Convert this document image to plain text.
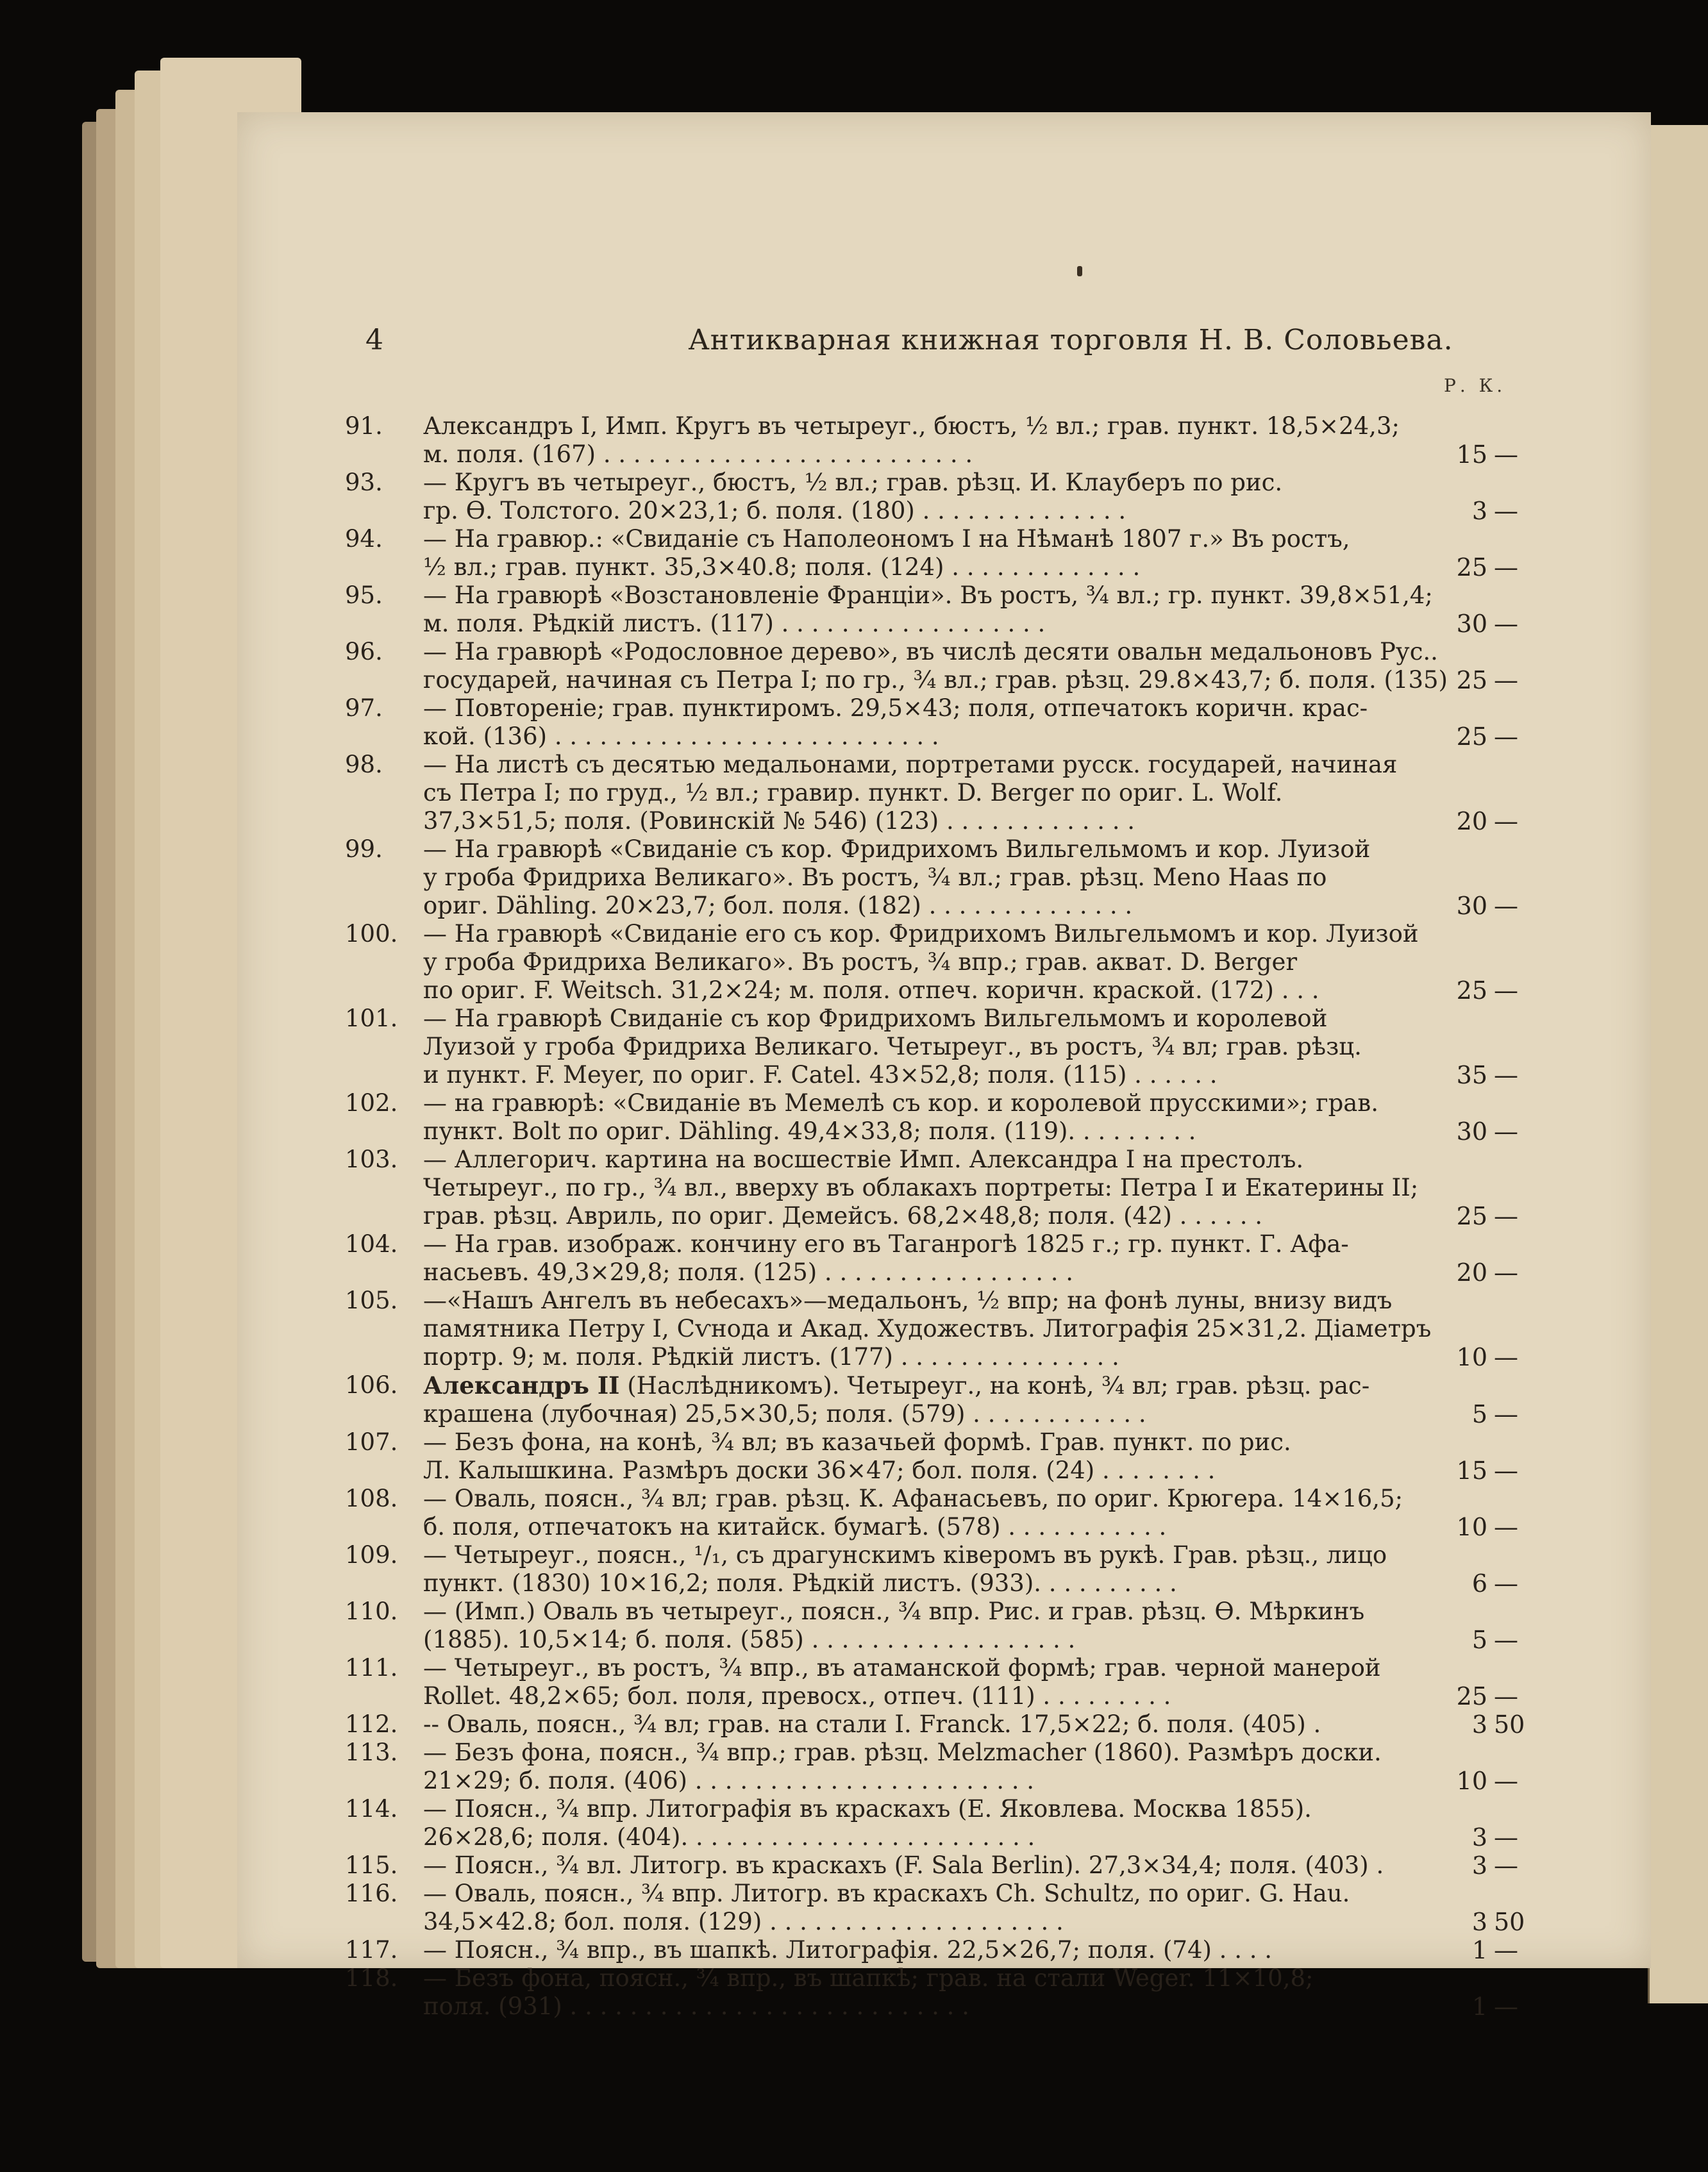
4	Антикварная книжная торговля Н. В. Соловьева.
Р. К.
91.	Александръ I, Имп. Кругъ въ четыреуг., бюстъ, ½ вл.; грав. пункт. 18,5×24,3;
м. поля. (167) . . . . . . . . . . . . . . . . . . . . . . . . .	15 —
93.	— Кругъ въ четыреуг., бюстъ, ½ вл.; грав. рѣзц. И. Клауберъ по рис.
гр. Ѳ. Толстого. 20×23,1; б. поля. (180) . . . . . . . . . . . . . .	3 —
94.	— На гравюр.: «Свиданіе съ Наполеономъ I на Нѣманѣ 1807 г.» Въ ростъ,
½ вл.; грав. пункт. 35,3×40.8; поля. (124) . . . . . . . . . . . . .	25 —
95.	— На гравюрѣ «Возстановленіе Франціи». Въ ростъ, ¾ вл.; гр. пункт. 39,8×51,4;
м. поля. Рѣдкій листъ. (117) . . . . . . . . . . . . . . . . . .	30 —
96.	— На гравюрѣ «Родословное дерево», въ числѣ десяти овальн медальоновъ Рус..
государей, начиная съ Петра I; по гр., ¾ вл.; грав. рѣзц. 29.8×43,7; б. поля. (135) 25 —
97.	— Повтореніе; грав. пунктиромъ. 29,5×43; поля, отпечатокъ коричн. крас-
кой. (136) . . . . . . . . . . . . . . . . . . . . . . . . . .	25 —
98.	— На листѣ съ десятью медальонами, портретами русск. государей, начиная
съ Петра I; по груд., ½ вл.; гравир. пункт. D. Berger по ориг. L. Wolf.
37,3×51,5; поля. (Ровинскій № 546) (123) . . . . . . . . . . . . .	20 —
99.	— На гравюрѣ «Свиданіе съ кор. Фридрихомъ Вильгельмомъ и кор. Луизой
у гроба Фридриха Великаго». Въ ростъ, ¾ вл.; грав. рѣзц. Meno Haas по
ориг. Dähling. 20×23,7; бол. поля. (182) . . . . . . . . . . . . . .	30 —
100.	— На гравюрѣ «Свиданіе его съ кор. Фридрихомъ Вильгельмомъ и кор. Луизой
у гроба Фридриха Великаго». Въ ростъ, ¾ впр.; грав. акват. D. Berger
по ориг. F. Weitsch. 31,2×24; м. поля. отпеч. коричн. краской. (172) . . .	25 —
101.	— На гравюрѣ Свиданіе съ кор Фридрихомъ Вильгельмомъ и королевой
Луизой у гроба Фридриха Великаго. Четыреуг., въ ростъ, ¾ вл; грав. рѣзц.
и пункт. F. Meyer, по ориг. F. Catel. 43×52,8; поля. (115) . . . . . .	35 —
102.	— на гравюрѣ: «Свиданіе въ Мемелѣ съ кор. и королевой прусскими»; грав.
пункт. Bolt по ориг. Dähling. 49,4×33,8; поля. (119). . . . . . . . .	30 —
103.	— Аллегорич. картина на восшествіе Имп. Александра I на престолъ.
Четыреуг., по гр., ¾ вл., вверху въ облакахъ портреты: Петра I и Екатерины II;
грав. рѣзц. Авриль, по ориг. Демейсъ. 68,2×48,8; поля. (42) . . . . . .	25 —
104.	— На грав. изображ. кончину его въ Таганрогѣ 1825 г.; гр. пункт. Г. Афа-
насьевъ. 49,3×29,8; поля. (125) . . . . . . . . . . . . . . . . .	20 —
105.	—«Нашъ Ангелъ въ небесахъ»—медальонъ, ½ впр; на фонѣ луны, внизу видъ
памятника Петру I, Сѵнода и Акад. Художествъ. Литографія 25×31,2. Діаметръ
портр. 9; м. поля. Рѣдкій листъ. (177) . . . . . . . . . . . . . . .	10 —
106.	Александръ II (Наслѣдникомъ). Четыреуг., на конѣ, ¾ вл; грав. рѣзц. рас-
крашена (лубочная) 25,5×30,5; поля. (579) . . . . . . . . . . . .	5 —
107.	— Безъ фона, на конѣ, ¾ вл; въ казачьей формѣ. Грав. пункт. по рис.
Л. Калышкина. Размѣръ доски 36×47; бол. поля. (24) . . . . . . . .	15 —
108.	— Оваль, поясн., ¾ вл; грав. рѣзц. К. Афанасьевъ, по ориг. Крюгера. 14×16,5;
б. поля, отпечатокъ на китайск. бумагѣ. (578) . . . . . . . . . . .	10 —
109.	— Четыреуг., поясн., ¹/₁, съ драгунскимъ кiверомъ въ рукѣ. Грав. рѣзц., лицо
пункт. (1830) 10×16,2; поля. Рѣдкій листъ. (933). . . . . . . . . .	6 —
110.	— (Имп.) Оваль въ четыреуг., поясн., ¾ впр. Рис. и грав. рѣзц. Ѳ. Мѣркинъ
(1885). 10,5×14; б. поля. (585) . . . . . . . . . . . . . . . . . .	5 —
111.	— Четыреуг., въ ростъ, ¾ впр., въ атаманской формѣ; грав. черной манерой
Rollet. 48,2×65; бол. поля, превосх., отпеч. (111) . . . . . . . . .	25 —
112.	-- Оваль, поясн., ¾ вл; грав. на стали I. Franck. 17,5×22; б. поля. (405) .	3 50
113.	— Безъ фона, поясн., ¾ впр.; грав. рѣзц. Melzmacher (1860). Размѣръ доски.
21×29; б. поля. (406) . . . . . . . . . . . . . . . . . . . . . . .	10 —
114.	— Поясн., ¾ впр. Литографія въ краскахъ (Е. Яковлева. Москва 1855).
26×28,6; поля. (404). . . . . . . . . . . . . . . . . . . . . . . .	3 —
115.	— Поясн., ¾ вл. Литогр. въ краскахъ (F. Sala Berlin). 27,3×34,4; поля. (403) .	3 —
116.	— Оваль, поясн., ¾ впр. Литогр. въ краскахъ Ch. Schultz, по ориг. G. Hau.
34,5×42.8; бол. поля. (129) . . . . . . . . . . . . . . . . . . . .	3 50
117.	— Поясн., ¾ впр., въ шапкѣ. Литографія. 22,5×26,7; поля. (74) . . . .	1 —
118.	— Безъ фона, поясн., ¾ впр., въ шапкѣ; грав. на стали Weger. 11×10,8;
поля. (931) . . . . . . . . . . . . . . . . . . . . . . . . . . .	1 —
